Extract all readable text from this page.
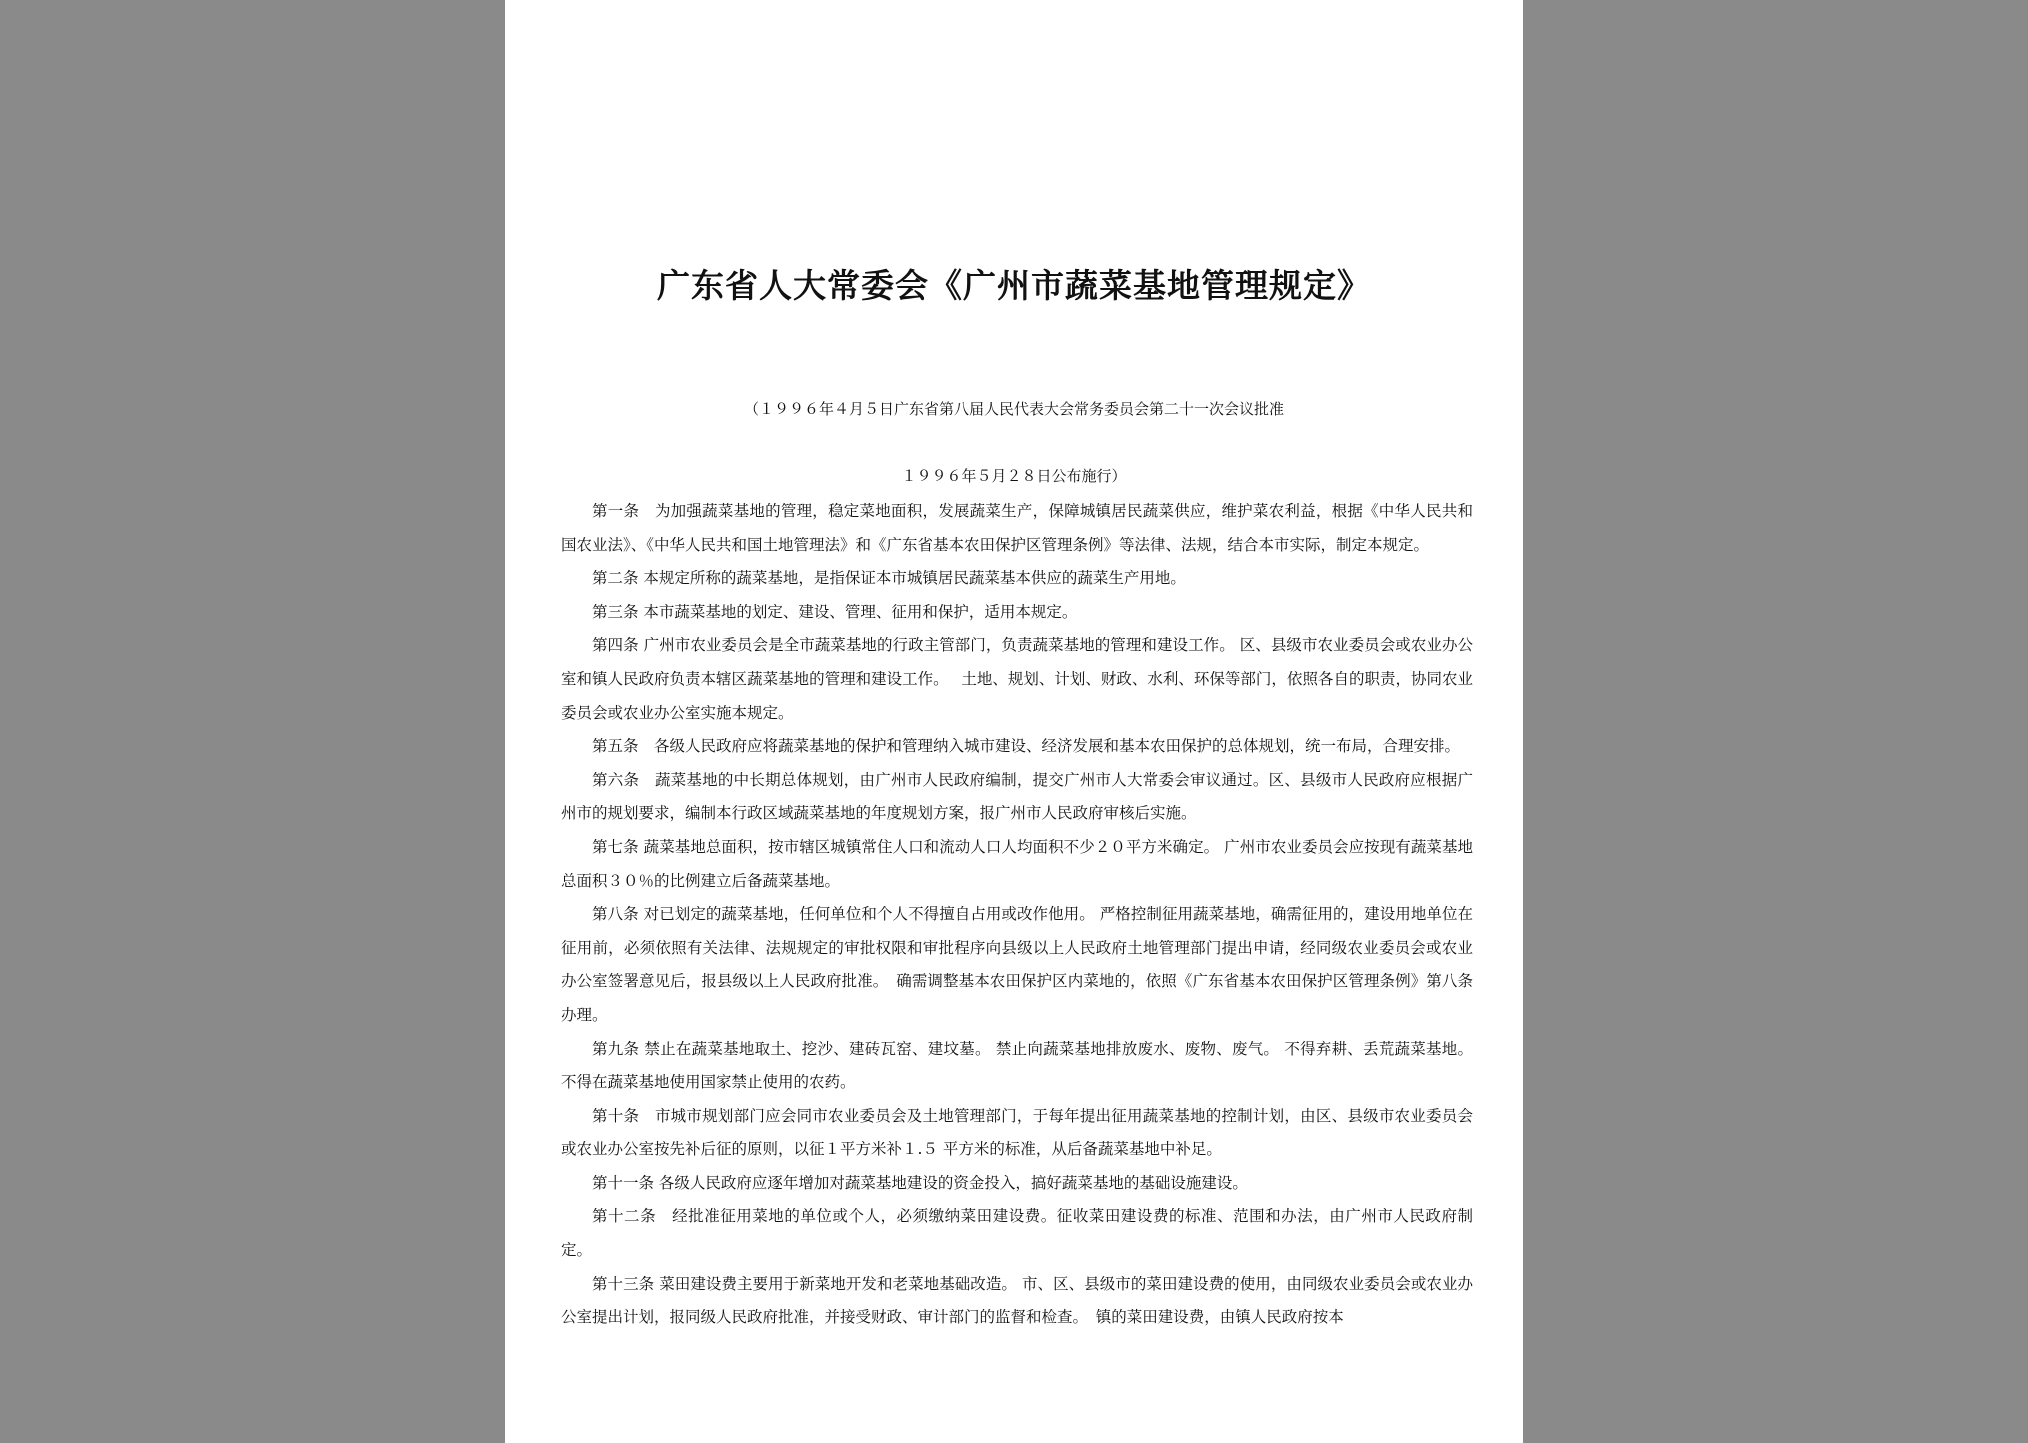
广东省人大常委会《广州市蔬菜基地管理规定》
（１９９６年４月５日广东省第八届人民代表大会常务委员会第二十一次会议批准
１９９６年５月２８日公布施行）

第一条　为加强蔬菜基地的管理，稳定菜地面积，发展蔬菜生产，保障城镇居民蔬菜供应，维护菜农利益，根据《中华人民共和国农业法》、《中华人民共和国土地管理法》和《广东省基本农田保护区管理条例》等法律、法规，结合本市实际，制定本规定。

第二条 本规定所称的蔬菜基地，是指保证本市城镇居民蔬菜基本供应的蔬菜生产用地。

第三条 本市蔬菜基地的划定、建设、管理、征用和保护，适用本规定。

第四条 广州市农业委员会是全市蔬菜基地的行政主管部门，负责蔬菜基地的管理和建设工作。 区、县级市农业委员会或农业办公室和镇人民政府负责本辖区蔬菜基地的管理和建设工作。　 土地、规划、计划、财政、水利、环保等部门，依照各自的职责，协同农业委员会或农业办公室实施本规定。

第五条　各级人民政府应将蔬菜基地的保护和管理纳入城市建设、经济发展和基本农田保护的总体规划，统一布局，合理安排。

第六条　蔬菜基地的中长期总体规划，由广州市人民政府编制，提交广州市人大常委会审议通过。区、县级市人民政府应根据广州市的规划要求，编制本行政区域蔬菜基地的年度规划方案，报广州市人民政府审核后实施。

第七条 蔬菜基地总面积，按市辖区城镇常住人口和流动人口人均面积不少２０平方米确定。 广州市农业委员会应按现有蔬菜基地总面积３０％的比例建立后备蔬菜基地。

第八条 对已划定的蔬菜基地，任何单位和个人不得擅自占用或改作他用。 严格控制征用蔬菜基地，确需征用的，建设用地单位在征用前，必须依照有关法律、法规规定的审批权限和审批程序向县级以上人民政府土地管理部门提出申请，经同级农业委员会或农业办公室签署意见后，报县级以上人民政府批准。　确需调整基本农田保护区内菜地的，依照《广东省基本农田保护区管理条例》第八条办理。

第九条 禁止在蔬菜基地取土、挖沙、建砖瓦窑、建坟墓。 禁止向蔬菜基地排放废水、废物、废气。 不得弃耕、丢荒蔬菜基地。 不得在蔬菜基地使用国家禁止使用的农药。

第十条　市城市规划部门应会同市农业委员会及土地管理部门，于每年提出征用蔬菜基地的控制计划，由区、县级市农业委员会或农业办公室按先补后征的原则，以征１平方米补１.５ 平方米的标准，从后备蔬菜基地中补足。

第十一条 各级人民政府应逐年增加对蔬菜基地建设的资金投入，搞好蔬菜基地的基础设施建设。

第十二条　经批准征用菜地的单位或个人，必须缴纳菜田建设费。征收菜田建设费的标准、范围和办法，由广州市人民政府制定。

第十三条 菜田建设费主要用于新菜地开发和老菜地基础改造。 市、区、县级市的菜田建设费的使用，由同级农业委员会或农业办公室提出计划，报同级人民政府批准，并接受财政、审计部门的监督和检查。　镇的菜田建设费，由镇人民政府按本
